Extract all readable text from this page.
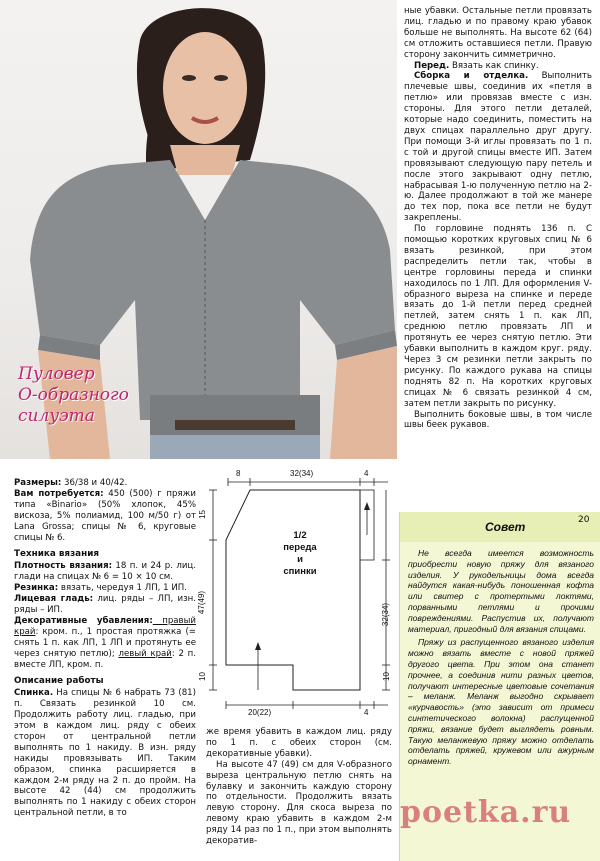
Пуловер
О-образного
силуэта

ные убавки. Остальные петли провязать лиц. гладью и по правому краю убавок больше не выполнять. На высоте 62 (64) см отложить оставшиеся петли. Правую сторону закончить симметрично.

Перед. Вязать как спинку.

Сборка и отделка. Выполнить плечевые швы, соединив их «петля в петлю» или провязав вместе с изн. стороны. Для этого петли деталей, которые надо соединить, поместить на двух спицах параллельно друг другу. При помощи 3-й иглы провязать по 1 п. с той и другой спицы вместе ИП. Затем провязывают следующую пару петель и после этого закрывают одну петлю, набрасывая 1-ю полученную петлю на 2-ю. Далее продолжают в той же манере до тех пор, пока все петли не будут закреплены.

По горловине поднять 136 п. С помощью коротких круговых спиц № 6 вязать резинкой, при этом распределить петли так, чтобы в центре горловины переда и спинки находилось по 1 ЛП. Для оформления V-образного выреза на спинке и переде вязать до 1-й петли перед средней петлей, затем снять 1 п. как ЛП, среднюю петлю провязать ЛП и протянуть ее через снятую петлю. Эти убавки выполнить в каждом круг. ряду. Через 3 см резинки петли закрыть по рисунку. По каждого рукава на спицы поднять 82 п. На коротких круговых спицах № 6 связать резинкой 4 см, затем петли закрыть по рисунку.

Выполнить боковые швы, в том числе швы беек рукавов.

Размеры: 36/38 и 40/42.

Вам потребуется: 450 (500) г пряжи типа «Binario» (50% хлопок, 45% вискоза, 5% полиамид, 100 м/50 г) от Lana Grossa; спицы № 6, круговые спицы № 6.

Техника вязания

Плотность вязания: 18 п. и 24 р. лиц. глади на спицах № 6 = 10 × 10 см.

Резинка: вязать, чередуя 1 ЛП, 1 ИП.

Лицевая гладь: лиц. ряды – ЛП, изн. ряды – ИП.

Декоративные убавления: правый край: кром. п., 1 простая протяжка (= снять 1 п. как ЛП, 1 ЛП и протянуть ее через снятую петлю); левый край: 2 п. вместе ЛП, кром. п.

Описание работы

Спинка. На спицы № 6 набрать 73 (81) п. Связать резинкой 10 см. Продолжить работу лиц. гладью, при этом в каждом лиц. ряду с обеих сторон от центральной петли выполнять по 1 накиду. В изн. ряду накиды провязывать ИП. Таким образом, спинка расширяется в каждом 2-м ряду на 2 п. до пройм. На высоте 42 (44) см продолжить выполнять по 1 накиду с обеих сторон центральной петли, в то

8	32(34)	4
15
47(49)
10
32(34)
10
20(22)	4
1/2
переда
и
спинки

же время убавить в каждом лиц. ряду по 1 п. с обеих сторон (см. декоративные убавки).

На высоте 47 (49) см для V-образного выреза центральную петлю снять на булавку и закончить каждую сторону по отдельности. Продолжить вязать левую сторону. Для скоса выреза по левому краю убавить в каждом 2-м ряду 14 раз по 1 п., при этом выполнять декоратив-

Совет

Не всегда имеется возможность приобрести новую пряжу для вязаного изделия. У рукодельницы дома всегда найдутся какая-нибудь поношенная кофта или свитер с протертыми локтями, порванными петлями и прочими повреждениями. Распустив их, получают материал, пригодный для вязания спицами.

Пряжу из распущенного вязаного изделия можно вязать вместе с новой пряжей другого цвета. При этом она станет прочнее, а соединив нити разных цветов, получают интересные цветовые сочетания – меланж. Меланж выгодно скрывает «курчавость» (это зависит от примеси синтетического волокна) распущенной пряжи, вязание будет выглядеть ровным. Такую меланжевую пряжу можно отделать отделать пряжей, кружевом или ажурным орнамент.

20
poetka.ru
